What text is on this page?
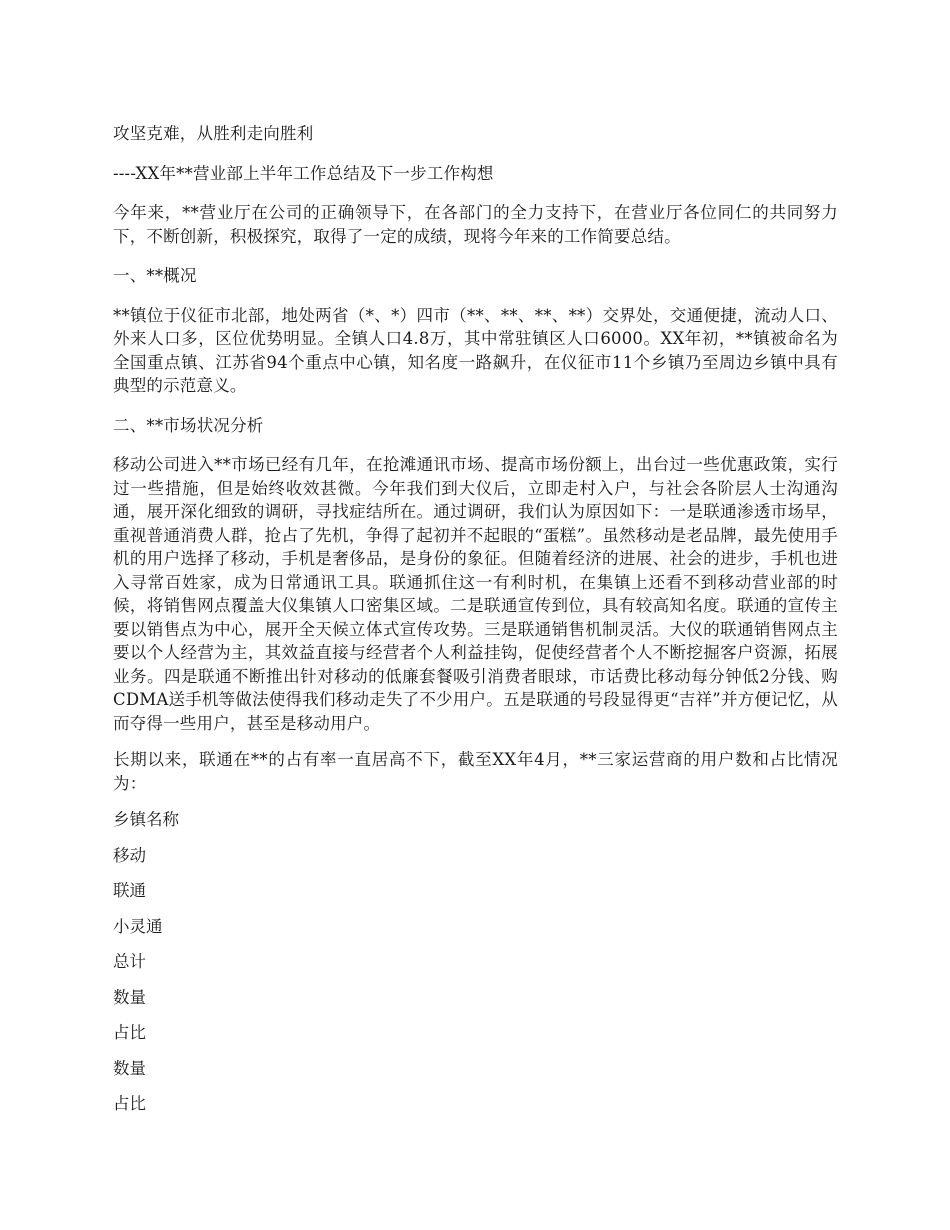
攻坚克难，从胜利走向胜利

----XX年**营业部上半年工作总结及下一步工作构想

今年来，**营业厅在公司的正确领导下，在各部门的全力支持下，在营业厅各位同仁的共同努力下，不断创新，积极探究，取得了一定的成绩，现将今年来的工作简要总结。

一、**概况

**镇位于仪征市北部，地处两省（*、*）四市（**、**、**、**）交界处，交通便捷，流动人口、外来人口多，区位优势明显。全镇人口4.8万，其中常驻镇区人口6000。XX年初，**镇被命名为全国重点镇、江苏省94个重点中心镇，知名度一路飙升，在仪征市11个乡镇乃至周边乡镇中具有典型的示范意义。

二、**市场状况分析

移动公司进入**市场已经有几年，在抢滩通讯市场、提高市场份额上，出台过一些优惠政策，实行过一些措施，但是始终收效甚微。今年我们到大仪后，立即走村入户，与社会各阶层人士沟通沟通，展开深化细致的调研，寻找症结所在。通过调研，我们认为原因如下：一是联通渗透市场早，重视普通消费人群，抢占了先机，争得了起初并不起眼的“蛋糕”。虽然移动是老品牌，最先使用手机的用户选择了移动，手机是奢侈品，是身份的象征。但随着经济的进展、社会的进步，手机也进入寻常百姓家，成为日常通讯工具。联通抓住这一有利时机，在集镇上还看不到移动营业部的时候，将销售网点覆盖大仪集镇人口密集区域。二是联通宣传到位，具有较高知名度。联通的宣传主要以销售点为中心，展开全天候立体式宣传攻势。三是联通销售机制灵活。大仪的联通销售网点主要以个人经营为主，其效益直接与经营者个人利益挂钩，促使经营者个人不断挖掘客户资源，拓展业务。四是联通不断推出针对移动的低廉套餐吸引消费者眼球，市话费比移动每分钟低2分钱、购CDMA送手机等做法使得我们移动走失了不少用户。五是联通的号段显得更“吉祥”并方便记忆，从而夺得一些用户，甚至是移动用户。

长期以来，联通在**的占有率一直居高不下，截至XX年4月，**三家运营商的用户数和占比情况为：

乡镇名称

移动

联通

小灵通

总计

数量

占比

数量

占比
